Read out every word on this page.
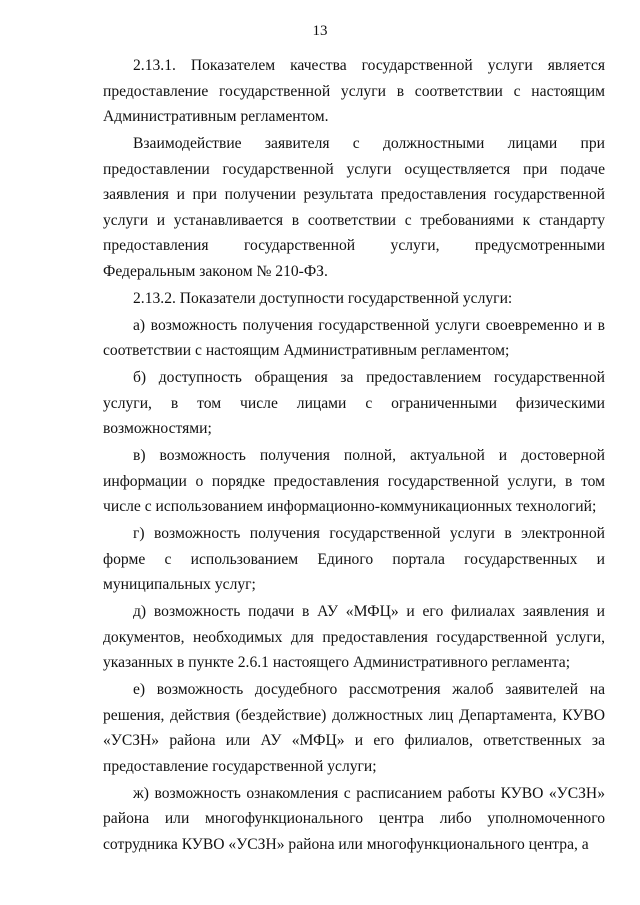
13

2.13.1. Показателем качества государственной услуги является предоставление государственной услуги в соответствии с настоящим Административным регламентом.

Взаимодействие заявителя с должностными лицами при предоставлении государственной услуги осуществляется при подаче заявления и при получении результата предоставления государственной услуги и устанавливается в соответствии с требованиями к стандарту предоставления государственной услуги, предусмотренными Федеральным законом № 210-ФЗ.

2.13.2. Показатели доступности государственной услуги:

а) возможность получения государственной услуги своевременно и в соответствии с настоящим Административным регламентом;

б) доступность обращения за предоставлением государственной услуги, в том числе лицами с ограниченными физическими возможностями;

в) возможность получения полной, актуальной и достоверной информации о порядке предоставления государственной услуги, в том числе с использованием информационно-коммуникационных технологий;

г) возможность получения государственной услуги в электронной форме с использованием Единого портала государственных и муниципальных услуг;

д) возможность подачи в АУ «МФЦ» и его филиалах заявления и документов, необходимых для предоставления государственной услуги, указанных в пункте 2.6.1 настоящего Административного регламента;

е) возможность досудебного рассмотрения жалоб заявителей на решения, действия (бездействие) должностных лиц Департамента, КУВО «УСЗН» района или АУ «МФЦ» и его филиалов, ответственных за предоставление государственной услуги;

ж) возможность ознакомления с расписанием работы КУВО «УСЗН» района или многофункционального центра либо уполномоченного сотрудника КУВО «УСЗН» района или многофункционального центра, а
